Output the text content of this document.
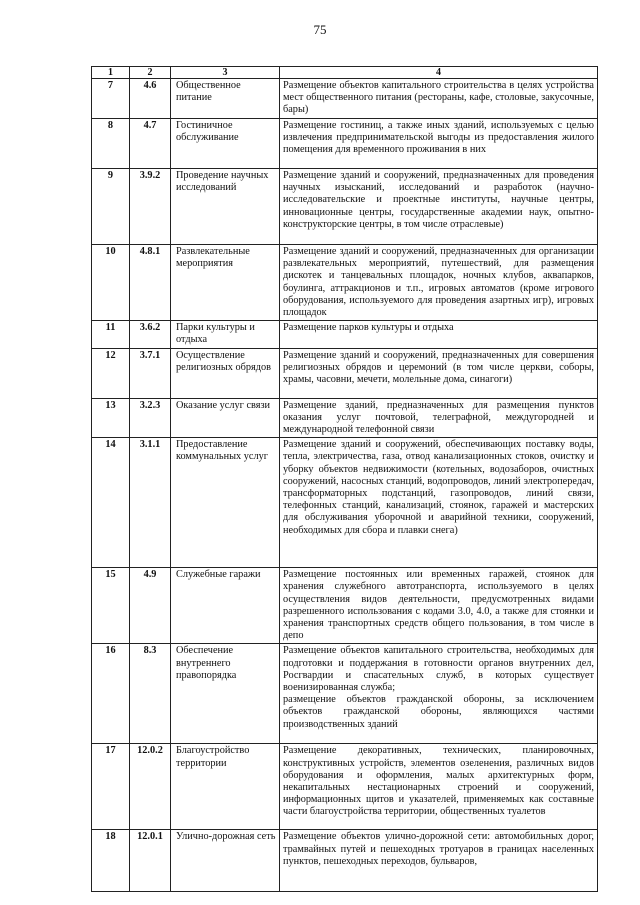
75
1	2	3	4
7	4.6	Общественное питание	Размещение объектов капитального строительства в целях устройства мест общественного питания (рестораны, кафе, столовые, закусочные, бары)
8	4.7	Гостиничное обслуживание	Размещение гостиниц, а также иных зданий, используемых с целью извлечения предпринимательской выгоды из предоставления жилого помещения для временного проживания в них
9	3.9.2	Проведение научных исследований	Размещение зданий и сооружений, предназначенных для проведения научных изысканий, исследований и разработок (научно-исследовательские и проектные институты, научные центры, инновационные центры, государственные академии наук, опытно-конструкторские центры, в том числе отраслевые)
10	4.8.1	Развлекательные мероприятия	Размещение зданий и сооружений, предназначенных для организации развлекательных мероприятий, путешествий, для размещения дискотек и танцевальных площадок, ночных клубов, аквапарков, боулинга, аттракционов и т.п., игровых автоматов (кроме игрового оборудования, используемого для проведения азартных игр), игровых площадок
11	3.6.2	Парки культуры и отдыха	Размещение парков культуры и отдыха
12	3.7.1	Осуществление религиозных обрядов	Размещение зданий и сооружений, предназначенных для совершения религиозных обрядов и церемоний (в том числе церкви, соборы, храмы, часовни, мечети, молельные дома, синагоги)
13	3.2.3	Оказание услуг связи	Размещение зданий, предназначенных для размещения пунктов оказания услуг почтовой, телеграфной, междугородней и международной телефонной связи
14	3.1.1	Предоставление коммунальных услуг	Размещение зданий и сооружений, обеспечивающих поставку воды, тепла, электричества, газа, отвод канализационных стоков, очистку и уборку объектов недвижимости (котельных, водозаборов, очистных сооружений, насосных станций, водопроводов, линий электропередач, трансформаторных подстанций, газопроводов, линий связи, телефонных станций, канализаций, стоянок, гаражей и мастерских для обслуживания уборочной и аварийной техники, сооружений, необходимых для сбора и плавки снега)
15	4.9	Служебные гаражи	Размещение постоянных или временных гаражей, стоянок для хранения служебного автотранспорта, используемого в целях осуществления видов деятельности, предусмотренных видами разрешенного использования с кодами 3.0, 4.0, а также для стоянки и хранения транспортных средств общего пользования, в том числе в депо
16	8.3	Обеспечение внутреннего правопорядка	Размещение объектов капитального строительства, необходимых для подготовки и поддержания в готовности органов внутренних дел, Росгвардии и спасательных служб, в которых существует военизированная служба;
размещение объектов гражданской обороны, за исключением объектов гражданской обороны, являющихся частями производственных зданий
17	12.0.2	Благоустройство территории	Размещение декоративных, технических, планировочных, конструктивных устройств, элементов озеленения, различных видов оборудования и оформления, малых архитектурных форм, некапитальных нестационарных строений и сооружений, информационных щитов и указателей, применяемых как составные части благоустройства территории, общественных туалетов
18	12.0.1	Улично-дорожная сеть	Размещение объектов улично-дорожной сети: автомобильных дорог, трамвайных путей и пешеходных тротуаров в границах населенных пунктов, пешеходных переходов, бульваров,
